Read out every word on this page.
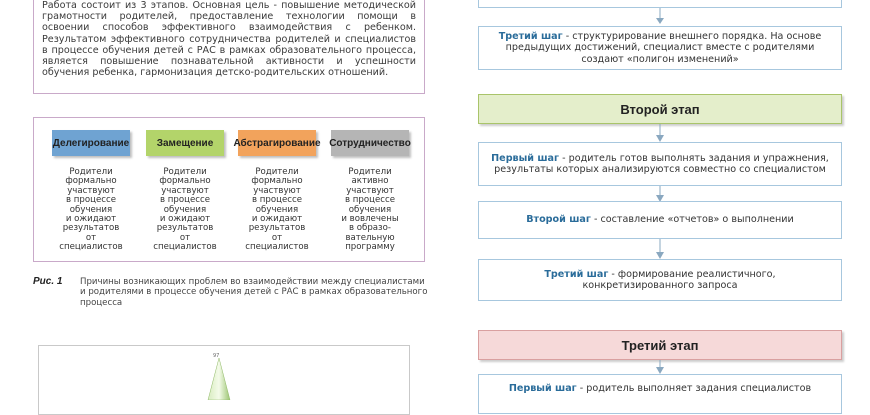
Работа состоит из 3 этапов. Основная цель - повышение методической грамотности родителей, предоставление технологии помощи в освоении способов эффективного взаимодействия с ребенком. Результатом эффективного сотрудничества родителей и специалистов в процессе обучения детей с РАС в рамках образовательного процесса, является повышение познавательной активности и успешности обучения ребенка, гармонизация детско-родительских отношений.

Делегирование
Родители
формально
участвуют
в процессе
обучения
и ожидают
результатов
от
специалистов
Замещение
Родители
формально
участвуют
в процессе
обучения
и ожидают
результатов
от
специалистов
Абстрагирование
Родители
формально
участвуют
в процессе
обучения
и ожидают
результатов
от
специалистов
Сотрудничество
Родители
активно
участвуют
в процессе
обучения
и вовлечены
в образо-
вательную
программу
Рис. 1 Причины возникающих проблем во взаимодействии между специалистами и родителями в процессе обучения детей с РАС в рамках образовательного процесса
97
Третий шаг - структурирование внешнего порядка. На основе предыдущих достижений, специалист вместе с родителями создают «полигон изменений»
Второй этап
Первый шаг - родитель готов выполнять задания и упражнения, результаты которых анализируются совместно со специалистом
Второй шаг - составление «отчетов» о выполнении
Третий шаг - формирование реалистичного, конкретизированного запроса
Третий этап
Первый шаг - родитель выполняет задания специалистов
